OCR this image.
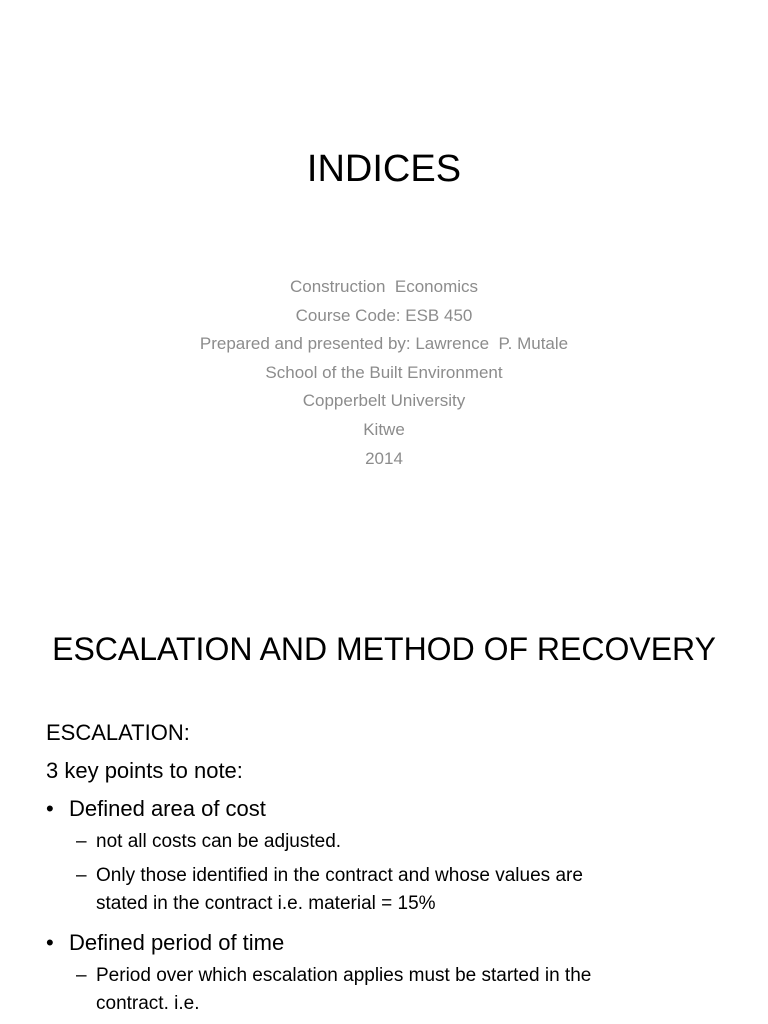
INDICES
Construction  Economics
Course Code: ESB 450
Prepared and presented by: Lawrence  P. Mutale
School of the Built Environment
Copperbelt University
Kitwe
2014
ESCALATION AND METHOD OF RECOVERY
ESCALATION:
3 key points to note:
• Defined area of cost
– not all costs can be adjusted.
– Only those identified in the contract and whose values are
stated in the contract i.e. material = 15%
• Defined period of time
– Period over which escalation applies must be started in the
contract. i.e.
